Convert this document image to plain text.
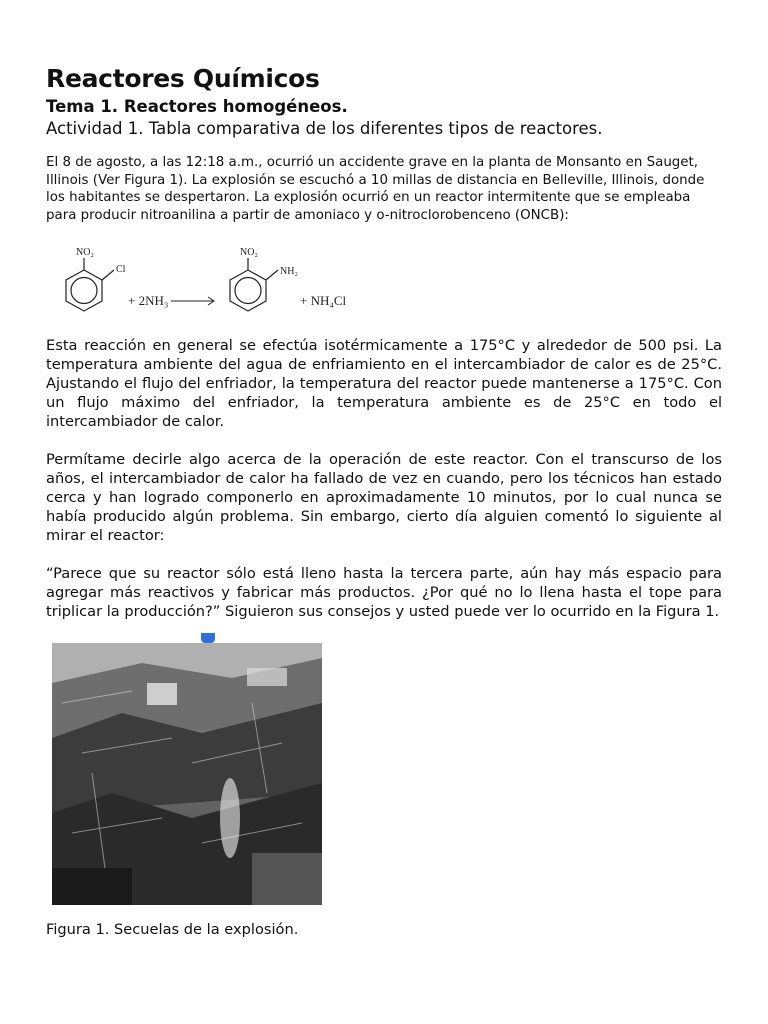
Reactores Químicos
Tema 1. Reactores homogéneos.
Actividad 1. Tabla comparativa de los diferentes tipos de reactores.

El 8 de agosto, a las 12:18 a.m., ocurrió un accidente grave en la planta de Monsanto en Sauget, Illinois (Ver Figura 1). La explosión se escuchó a 10 millas de distancia en Belleville, Illinois, donde los habitantes se despertaron. La explosión ocurrió en un reactor intermitente que se empleaba para producir nitroanilina a partir de amoniaco y o-nitroclorobenceno (ONCB):

NO₂
Cl
+ 2NH₃
NO₂
NH₂
+ NH₄Cl

Esta reacción en general se efectúa isotérmicamente a 175°C y alrededor de 500 psi. La temperatura ambiente del agua de enfriamiento en el intercambiador de calor es de 25°C. Ajustando el flujo del enfriador, la temperatura del reactor puede mantenerse a 175°C. Con un flujo máximo del enfriador, la temperatura ambiente es de 25°C en todo el intercambiador de calor.

Permítame decirle algo acerca de la operación de este reactor. Con el transcurso de los años, el intercambiador de calor ha fallado de vez en cuando, pero los técnicos han estado cerca y han logrado componerlo en aproximadamente 10 minutos, por lo cual nunca se había producido algún problema. Sin embargo, cierto día alguien comentó lo siguiente al mirar el reactor:

“Parece que su reactor sólo está lleno hasta la tercera parte, aún hay más espacio para agregar más reactivos y fabricar más productos. ¿Por qué no lo llena hasta el tope para triplicar la producción?” Siguieron sus consejos y usted puede ver lo ocurrido en la Figura 1.

Figura 1. Secuelas de la explosión.
